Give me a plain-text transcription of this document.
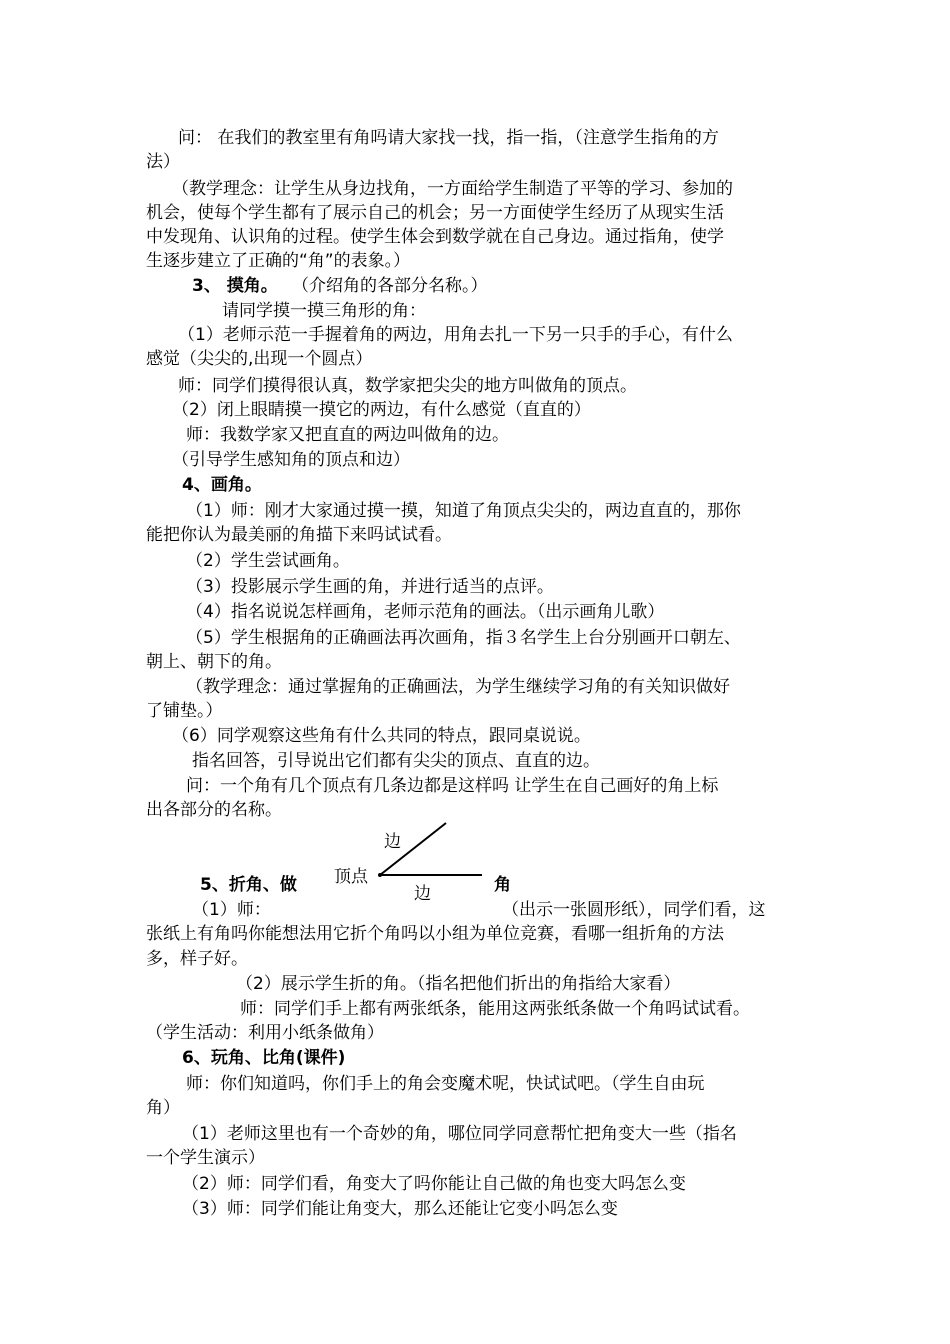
问： 在我们的教室里有角吗请大家找一找，指一指，（注意学生指角的方
法）
（教学理念：让学生从身边找角，一方面给学生制造了平等的学习、参加的
机会，使每个学生都有了展示自己的机会；另一方面使学生经历了从现实生活
中发现角、认识角的过程。使学生体会到数学就在自己身边。通过指角，使学
生逐步建立了正确的“角”的表象。）
3、 摸角。 （介绍角的各部分名称。）
请同学摸一摸三角形的角：
（1）老师示范一手握着角的两边，用角去扎一下另一只手的手心，有什么
感觉（尖尖的,出现一个圆点）
师：同学们摸得很认真，数学家把尖尖的地方叫做角的顶点。
（2）闭上眼睛摸一摸它的两边，有什么感觉（直直的）
师：我数学家又把直直的两边叫做角的边。
（引导学生感知角的顶点和边）
4、画角。
（1）师：刚才大家通过摸一摸，知道了角顶点尖尖的，两边直直的，那你
能把你认为最美丽的角描下来吗试试看。
（2）学生尝试画角。
（3）投影展示学生画的角，并进行适当的点评。
（4）指名说说怎样画角，老师示范角的画法。（出示画角儿歌）
（5）学生根据角的正确画法再次画角，指３名学生上台分别画开口朝左、
朝上、朝下的角。
（教学理念：通过掌握角的正确画法，为学生继续学习角的有关知识做好
了铺垫。）
（6）同学观察这些角有什么共同的特点，跟同桌说说。
指名回答，引导说出它们都有尖尖的顶点、直直的边。
问：一个角有几个顶点有几条边都是这样吗 让学生在自己画好的角上标
出各部分的名称。
顶点
边
边
5、折角、做	角
（1）师：	（出示一张圆形纸），同学们看，这
张纸上有角吗你能想法用它折个角吗以小组为单位竞赛，看哪一组折角的方法
多，样子好。
（2）展示学生折的角。（指名把他们折出的角指给大家看）
师：同学们手上都有两张纸条，能用这两张纸条做一个角吗试试看。
（学生活动：利用小纸条做角）
6、玩角、比角(课件)
师：你们知道吗，你们手上的角会变魔术呢，快试试吧。（学生自由玩
角）
（1）老师这里也有一个奇妙的角，哪位同学同意帮忙把角变大一些（指名
一个学生演示）
（2）师：同学们看，角变大了吗你能让自己做的角也变大吗怎么变
（3）师：同学们能让角变大，那么还能让它变小吗怎么变
